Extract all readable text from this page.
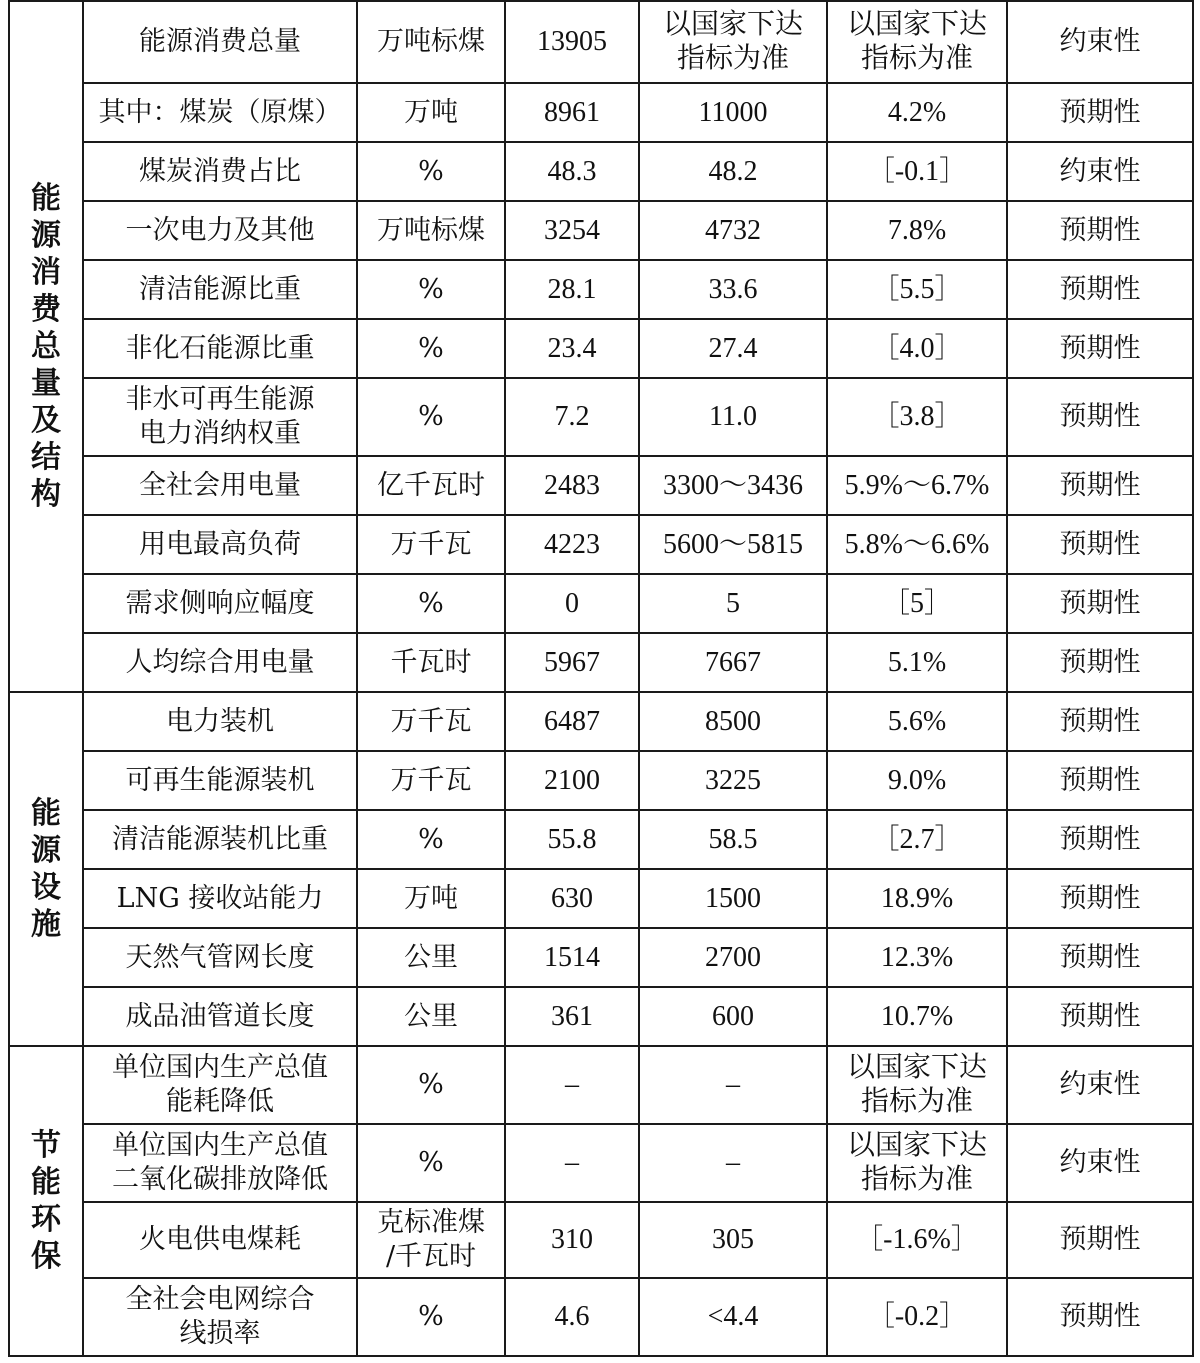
能源消费总量及结构	能源消费总量	万吨标煤	13905	以国家下达
指标为准	以国家下达
指标为准	约束性
	其中：煤炭（原煤）	万吨	8961	11000	4.2%	预期性
	煤炭消费占比	%	48.3	48.2	［-0.1］	约束性
	一次电力及其他	万吨标煤	3254	4732	7.8%	预期性
	清洁能源比重	%	28.1	33.6	［5.5］	预期性
	非化石能源比重	%	23.4	27.4	［4.0］	预期性
	非水可再生能源
电力消纳权重	%	7.2	11.0	［3.8］	预期性
	全社会用电量	亿千瓦时	2483	3300～3436	5.9%～6.7%	预期性
	用电最高负荷	万千瓦	4223	5600～5815	5.8%～6.6%	预期性
	需求侧响应幅度	%	0	5	［5］	预期性
	人均综合用电量	千瓦时	5967	7667	5.1%	预期性
能源设施	电力装机	万千瓦	6487	8500	5.6%	预期性
	可再生能源装机	万千瓦	2100	3225	9.0%	预期性
	清洁能源装机比重	%	55.8	58.5	［2.7］	预期性
	LNG 接收站能力	万吨	630	1500	18.9%	预期性
	天然气管网长度	公里	1514	2700	12.3%	预期性
	成品油管道长度	公里	361	600	10.7%	预期性
节能环保	单位国内生产总值
能耗降低	%	–	–	以国家下达
指标为准	约束性
	单位国内生产总值
二氧化碳排放降低	%	–	–	以国家下达
指标为准	约束性
	火电供电煤耗	克标准煤
/千瓦时	310	305	［-1.6%］	预期性
	全社会电网综合
线损率	%	4.6	<4.4	［-0.2］	预期性
